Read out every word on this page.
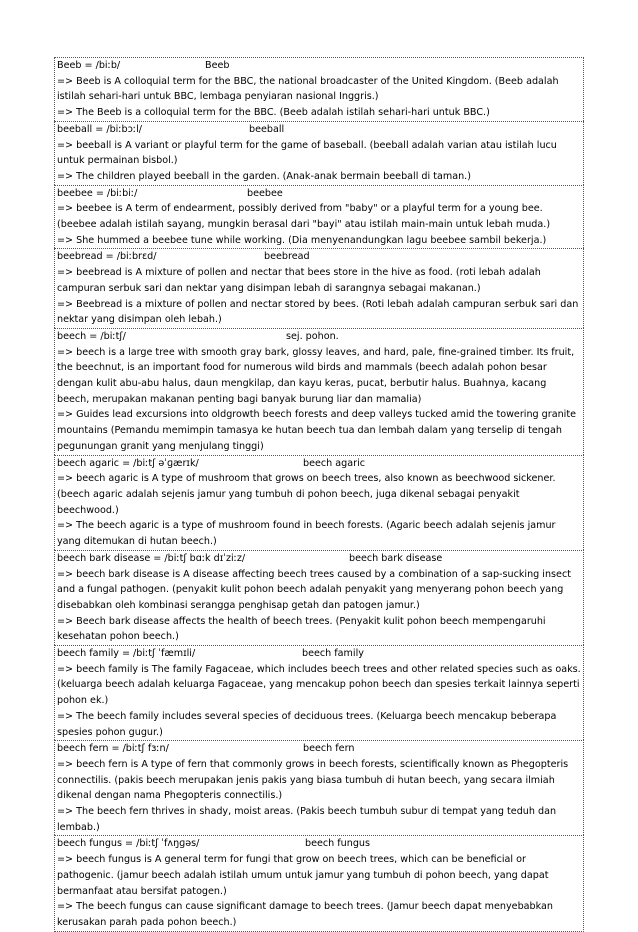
Beeb = /biːb/	Beeb
=> Beeb is A colloquial term for the BBC, the national broadcaster of the United Kingdom. (Beeb adalah istilah sehari-hari untuk BBC, lembaga penyiaran nasional Inggris.)
=> The Beeb is a colloquial term for the BBC. (Beeb adalah istilah sehari-hari untuk BBC.)
beeball = /biːbɔːl/	beeball
=> beeball is A variant or playful term for the game of baseball. (beeball adalah varian atau istilah lucu untuk permainan bisbol.)
=> The children played beeball in the garden. (Anak-anak bermain beeball di taman.)
beebee = /biːbiː/	beebee
=> beebee is A term of endearment, possibly derived from "baby" or a playful term for a young bee. (beebee adalah istilah sayang, mungkin berasal dari "bayi" atau istilah main-main untuk lebah muda.)
=> She hummed a beebee tune while working. (Dia menyenandungkan lagu beebee sambil bekerja.)
beebread = /biːbrɛd/	beebread
=> beebread is A mixture of pollen and nectar that bees store in the hive as food. (roti lebah adalah campuran serbuk sari dan nektar yang disimpan lebah di sarangnya sebagai makanan.)
=> Beebread is a mixture of pollen and nectar stored by bees. (Roti lebah adalah campuran serbuk sari dan nektar yang disimpan oleh lebah.)
beech = /biːtʃ/	sej. pohon.
=> beech is a large tree with smooth gray bark, glossy leaves, and hard, pale, fine-grained timber. Its fruit, the beechnut, is an important food for numerous wild birds and mammals (beech adalah pohon besar dengan kulit abu-abu halus, daun mengkilap, dan kayu keras, pucat, berbutir halus. Buahnya, kacang beech, merupakan makanan penting bagi banyak burung liar dan mamalia)
=> Guides lead excursions into oldgrowth beech forests and deep valleys tucked amid the towering granite mountains (Pemandu memimpin tamasya ke hutan beech tua dan lembah dalam yang terselip di tengah pegunungan granit yang menjulang tinggi)
beech agaric = /biːtʃ əˈɡærɪk/	beech agaric
=> beech agaric is A type of mushroom that grows on beech trees, also known as beechwood sickener. (beech agaric adalah sejenis jamur yang tumbuh di pohon beech, juga dikenal sebagai penyakit beechwood.)
=> The beech agaric is a type of mushroom found in beech forests. (Agaric beech adalah sejenis jamur yang ditemukan di hutan beech.)
beech bark disease = /biːtʃ bɑːk dɪˈziːz/	beech bark disease
=> beech bark disease is A disease affecting beech trees caused by a combination of a sap-sucking insect and a fungal pathogen. (penyakit kulit pohon beech adalah penyakit yang menyerang pohon beech yang disebabkan oleh kombinasi serangga penghisap getah dan patogen jamur.)
=> Beech bark disease affects the health of beech trees. (Penyakit kulit pohon beech mempengaruhi kesehatan pohon beech.)
beech family = /biːtʃ ˈfæmɪli/	beech family
=> beech family is The family Fagaceae, which includes beech trees and other related species such as oaks. (keluarga beech adalah keluarga Fagaceae, yang mencakup pohon beech dan spesies terkait lainnya seperti pohon ek.)
=> The beech family includes several species of deciduous trees. (Keluarga beech mencakup beberapa spesies pohon gugur.)
beech fern = /biːtʃ fɜːn/	beech fern
=> beech fern is A type of fern that commonly grows in beech forests, scientifically known as Phegopteris connectilis. (pakis beech merupakan jenis pakis yang biasa tumbuh di hutan beech, yang secara ilmiah dikenal dengan nama Phegopteris connectilis.)
=> The beech fern thrives in shady, moist areas. (Pakis beech tumbuh subur di tempat yang teduh dan lembab.)
beech fungus = /biːtʃ ˈfʌŋɡəs/	beech fungus
=> beech fungus is A general term for fungi that grow on beech trees, which can be beneficial or pathogenic. (jamur beech adalah istilah umum untuk jamur yang tumbuh di pohon beech, yang dapat bermanfaat atau bersifat patogen.)
=> The beech fungus can cause significant damage to beech trees. (Jamur beech dapat menyebabkan kerusakan parah pada pohon beech.)
